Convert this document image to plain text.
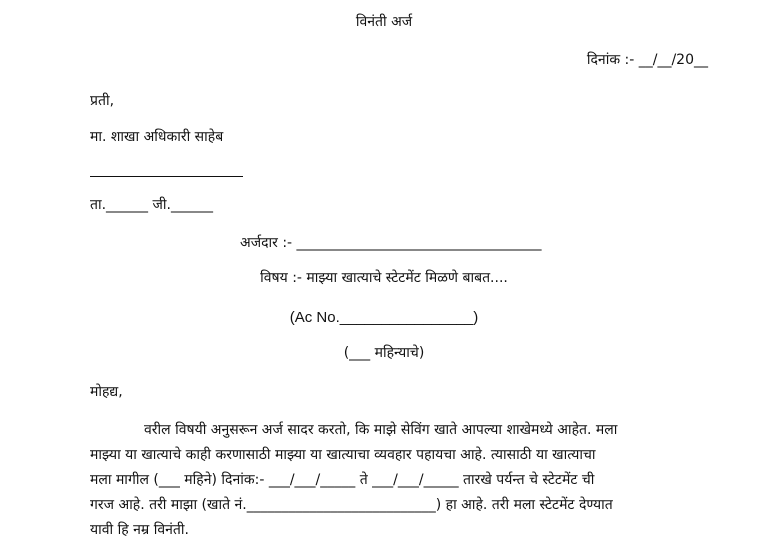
विनंती अर्ज
दिनांक :- __/__/20__
प्रती,
मा. शाखा अधिकारी साहेब
ता.______ जी.______
अर्जदार :- ___________________________________
विषय :- माझ्या खात्याचे स्टेटमेंट मिळणे बाबत....
(Ac No.________________)
(___ महिन्याचे)
मोहद्य,

वरील विषयी अनुसरून अर्ज सादर करतो, कि माझे सेविंग खाते आपल्या शाखेमध्ये आहेत. मला

माझ्या या खात्याचे काही करणासाठी माझ्या या खात्याचा व्यवहार पहायचा आहे. त्यासाठी या खात्याचा

मला मागील (___ महिने) दिनांक:- ___/___/_____ ते ___/___/_____ तारखे पर्यन्त चे स्टेटमेंट ची

गरज आहे. तरी माझा (खाते नं.___________________________) हा आहे. तरी मला स्टेटमेंट देण्यात

यावी हि नम्र विनंती.
